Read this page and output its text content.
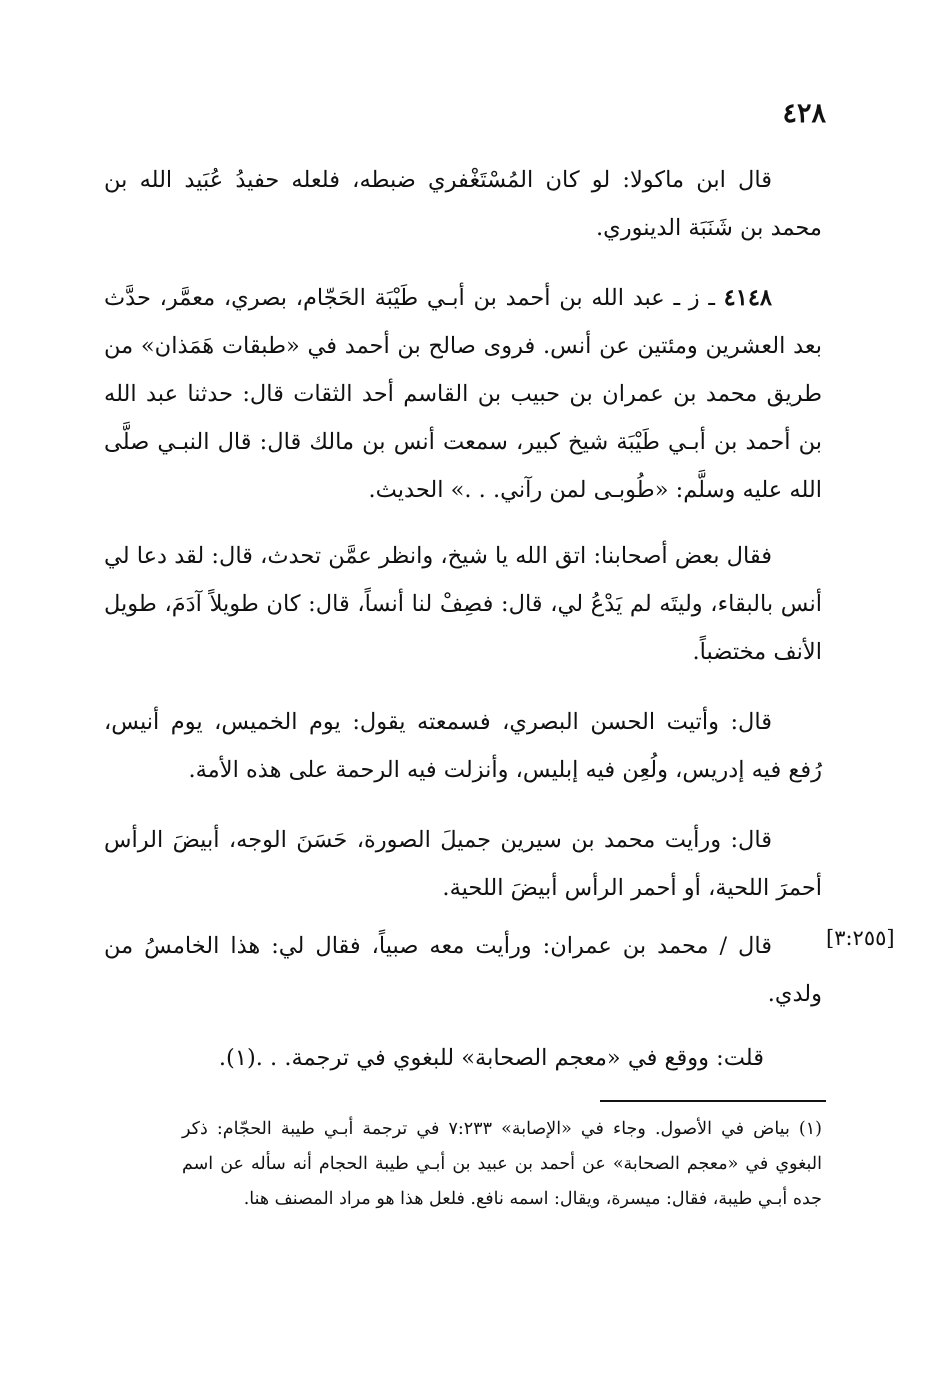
٤٢٨

قال ابن ماكولا: لو كان المُسْتَغْفري ضبطه، فلعله حفيدُ عُبَيد الله بن محمد بن شَنَبَة الدينوري.

٤١٤٨ ـ ز ـ عبد الله بن أحمد بن أبـي طَيْبَة الحَجّام، بصري، معمَّر، حدَّث بعد العشرين ومئتين عن أنس. فروى صالح بن أحمد في «طبقات هَمَذان» من طريق محمد بن عمران بن حبيب بن القاسم أحد الثقات قال: حدثنا عبد الله بن أحمد بن أبـي طَيْبَة شيخ كبير، سمعت أنس بن مالك قال: قال النبـي صلَّى الله عليه وسلَّم: «طُوبـى لمن رآني. . .» الحديث.

فقال بعض أصحابنا: اتق الله يا شيخ، وانظر عمَّن تحدث، قال: لقد دعا لي أنس بالبقاء، وليتَه لم يَدْعُ لي، قال: فصِفْ لنا أنساً، قال: كان طويلاً آدَمَ، طويل الأنف مختضباً.

قال: وأتيت الحسن البصري، فسمعته يقول: يوم الخميس، يوم أنيس، رُفع فيه إدريس، ولُعِن فيه إبليس، وأنزلت فيه الرحمة على هذه الأمة.

قال: ورأيت محمد بن سيرين جميلَ الصورة، حَسَنَ الوجه، أبيضَ الرأس أحمرَ اللحية، أو أحمر الرأس أبيضَ اللحية.

[٣:٢٥٥]

قال / محمد بن عمران: ورأيت معه صبياً، فقال لي: هذا الخامسُ من ولدي.

قلت: ووقع في «معجم الصحابة» للبغوي في ترجمة. . .(١).

(١) بياض في الأصول. وجاء في «الإصابة» ٧:٢٣٣ في ترجمة أبـي طيبة الحجّام: ذكر البغوي في «معجم الصحابة» عن أحمد بن عبيد بن أبـي طيبة الحجام أنه سأله عن اسم جده أبـي طيبة، فقال: ميسرة، ويقال: اسمه نافع. فلعل هذا هو مراد المصنف هنا.
